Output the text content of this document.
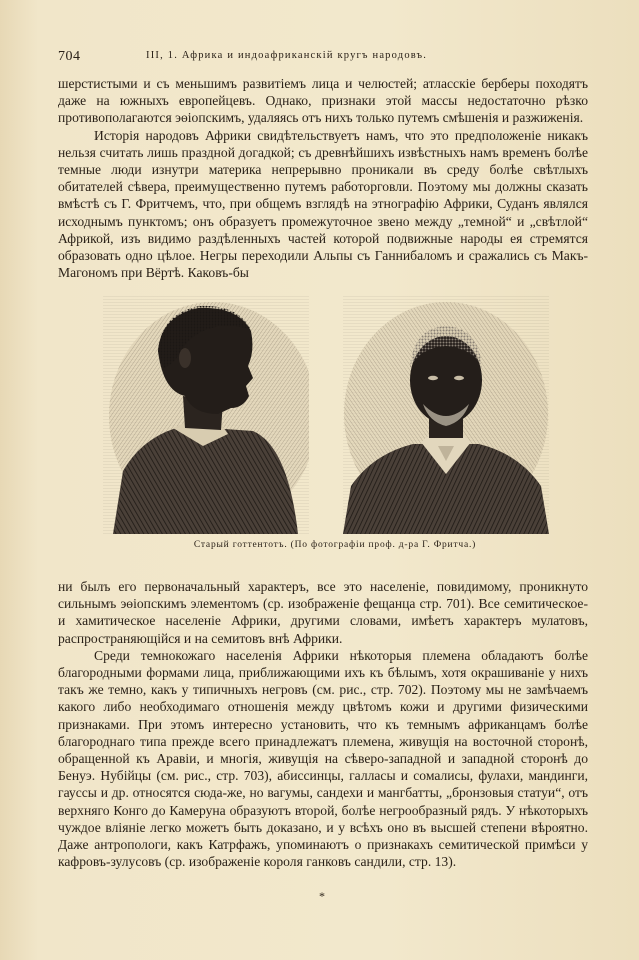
704	III, 1. Африка и индоафриканскій кругъ народовъ.

шерстистыми и съ меньшимъ развитіемъ лица и челюстей; атласскіе берберы походятъ даже на южныхъ европейцевъ. Однако, признаки этой массы недостаточно рѣзко противополагаются эѳіопскимъ, удаляясь отъ нихъ только путемъ смѣшенія и разжиженія.

Исторія народовъ Африки свидѣтельствуетъ намъ, что это предположеніе никакъ нельзя считать лишь праздной догадкой; съ древнѣйшихъ извѣстныхъ намъ временъ болѣе темные люди изнутри материка непрерывно проникали въ среду болѣе свѣтлыхъ обитателей сѣвера, преимущественно путемъ работорговли. Поэтому мы должны сказать вмѣстѣ съ Г. Фритчемъ, что, при общемъ взглядѣ на этнографію Африки, Суданъ являлся исходнымъ пунктомъ; онъ образуетъ промежуточное звено между „темной“ и „свѣтлой“ Африкой, изъ видимо раздѣленныхъ частей которой подвижные народы ея стремятся образовать одно цѣлое. Негры переходили Альпы съ Ганнибаломъ и сражались съ Макъ-Магономъ при Вёртѣ. Каковъ-бы

Старый готтентотъ. (По фотографіи проф. д-ра Г. Фритча.)

ни былъ его первоначальный характеръ, все это населеніе, повидимому, проникнуто сильнымъ эѳіопскимъ элементомъ (ср. изображеніе фещанца стр. 701). Все семитическое- и хамитическое населеніе Африки, другими словами, имѣетъ характеръ мулатовъ, распространяющійся и на семитовъ внѣ Африки.

Среди темнокожаго населенія Африки нѣкоторыя племена обладаютъ болѣе благородными формами лица, приближающими ихъ къ бѣлымъ, хотя окрашиваніе у нихъ такъ же темно, какъ у типичныхъ негровъ (см. рис., стр. 702). Поэтому мы не замѣчаемъ какого либо необходимаго отношенія между цвѣтомъ кожи и другими физическими признаками. При этомъ интересно установить, что къ темнымъ африканцамъ болѣе благороднаго типа прежде всего принадлежатъ племена, живущія на восточной сторонѣ, обращенной къ Аравіи, и многія, живущія на сѣверо-западной и западной сторонѣ до Бенуэ. Нубійцы (см. рис., стр. 703), абиссинцы, галласы и сомалисы, фулахи, мандинги, гауссы и др. относятся сюда-же, но вагумы, сандехи и мангбатты, „бронзовыя статуи“, отъ верхняго Конго до Камеруна образуютъ второй, болѣе негрообразный рядъ. У нѣкоторыхъ чуждое вліяніе легко можетъ быть доказано, и у всѣхъ оно въ высшей степени вѣроятно. Даже антропологи, какъ Катрфажъ, упоминаютъ о признакахъ семитической примѣси у кафровъ-зулусовъ (ср. изображеніе короля ганковъ сандили, стр. 13).

*
